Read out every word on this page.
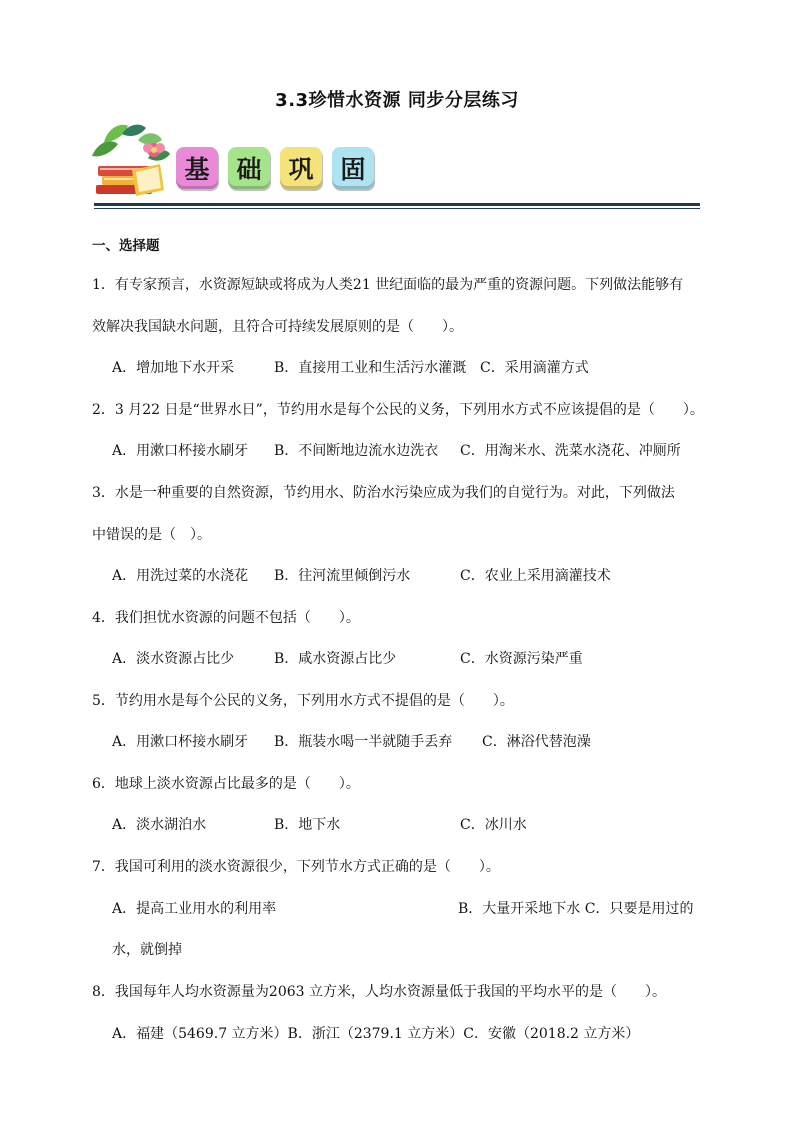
3.3珍惜水资源 同步分层练习
基	础	巩	固
一、选择题
1．有专家预言，水资源短缺或将成为人类21 世纪面临的最为严重的资源问题。下列做法能够有
效解决我国缺水问题，且符合可持续发展原则的是（　　）。
A．增加地下水开采	B．直接用工业和生活污水灌溉 C．采用滴灌方式
2．3 月22 日是“世界水日”，节约用水是每个公民的义务，下列用水方式不应该提倡的是（　　）。
A．用漱口杯接水刷牙 B．不间断地边流水边洗衣 C．用淘米水、洗菜水浇花、冲厕所
3．水是一种重要的自然资源，节约用水、防治水污染应成为我们的自觉行为。对此，下列做法
中错误的是（　）。
A．用洗过菜的水浇花 B．往河流里倾倒污水	C．农业上采用滴灌技术
4．我们担忧水资源的问题不包括（　　）。
A．淡水资源占比少	B．咸水资源占比少	C．水资源污染严重
5．节约用水是每个公民的义务，下列用水方式不提倡的是（　　）。
A．用漱口杯接水刷牙 B．瓶装水喝一半就随手丢弃 C．淋浴代替泡澡
6．地球上淡水资源占比最多的是（　　）。
A．淡水湖泊水	B．地下水	C．冰川水
7．我国可利用的淡水资源很少，下列节水方式正确的是（　　）。
A．提高工业用水的利用率	B．大量开采地下水 C．只要是用过的
水，就倒掉
8．我国每年人均水资源量为2063 立方米，人均水资源量低于我国的平均水平的是（　　）。
A．福建（5469.7 立方米）B．浙江（2379.1 立方米）C．安徽（2018.2 立方米）
